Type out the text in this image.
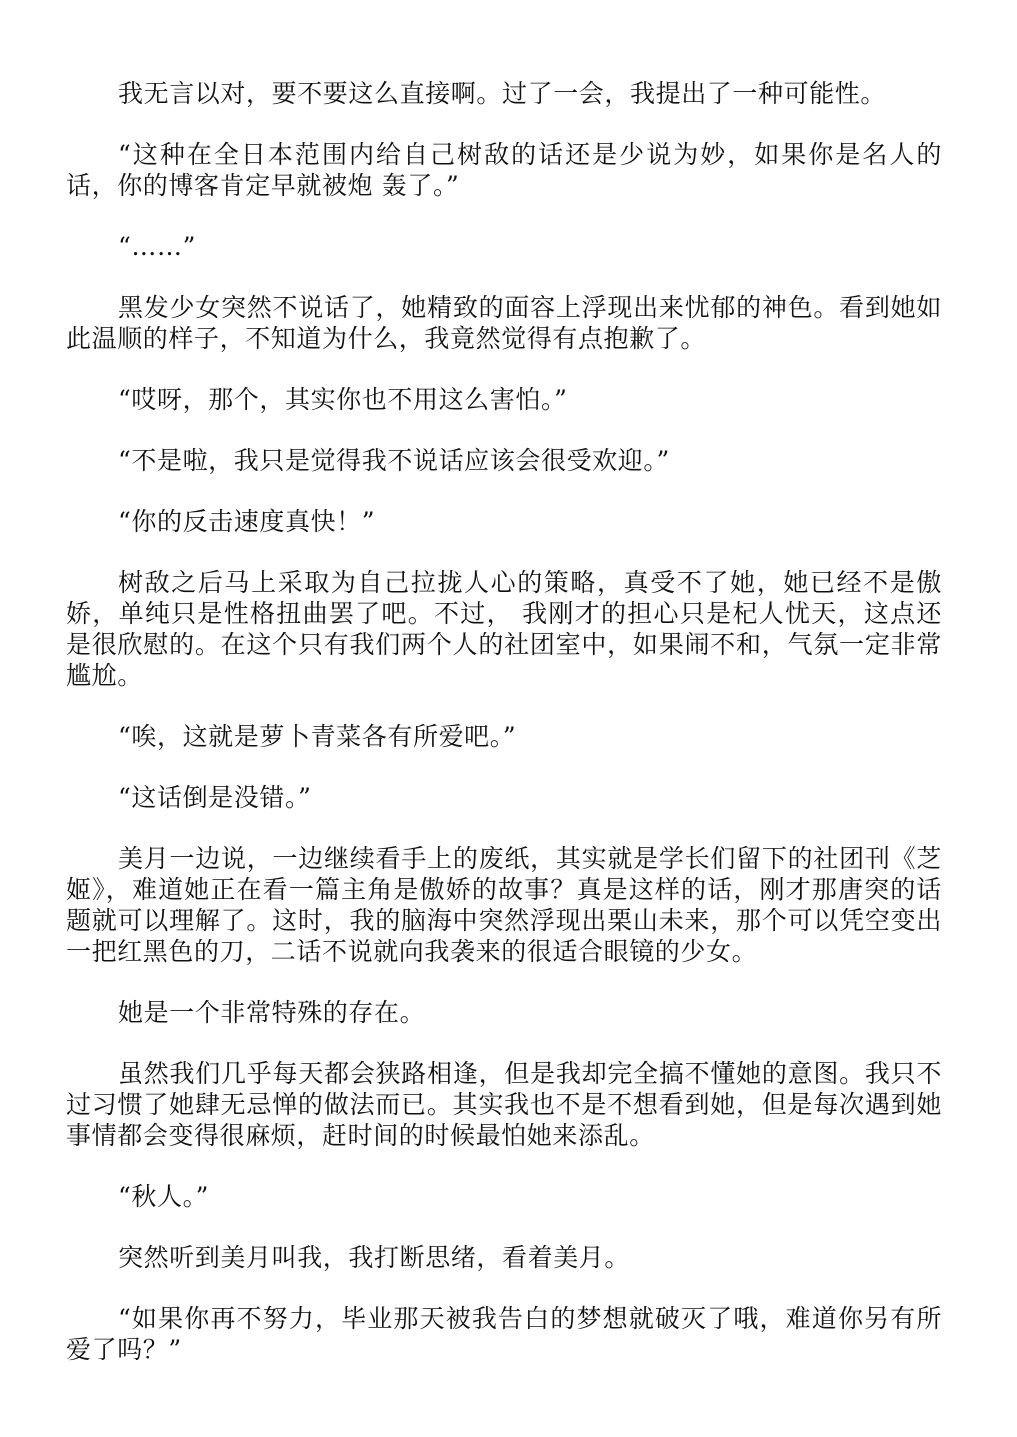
我无言以对，要不要这么直接啊。过了一会，我提出了一种可能性。

“这种在全日本范围内给自己树敌的话还是少说为妙，如果你是名人的话，你的博客肯定早就被炮 轰了。”

“……”

黑发少女突然不说话了，她精致的面容上浮现出来忧郁的神色。看到她如此温顺的样子，不知道为什么，我竟然觉得有点抱歉了。

“哎呀，那个，其实你也不用这么害怕。”

“不是啦，我只是觉得我不说话应该会很受欢迎。”

“你的反击速度真快！”

树敌之后马上采取为自己拉拢人心的策略，真受不了她，她已经不是傲娇，单纯只是性格扭曲罢了吧。不过， 我刚才的担心只是杞人忧天，这点还是很欣慰的。在这个只有我们两个人的社团室中，如果闹不和，气氛一定非常尴尬。

“唉，这就是萝卜青菜各有所爱吧。”

“这话倒是没错。”

美月一边说，一边继续看手上的废纸，其实就是学长们留下的社团刊《芝姬》，难道她正在看一篇主角是傲娇的故事？真是这样的话，刚才那唐突的话题就可以理解了。这时，我的脑海中突然浮现出栗山未来，那个可以凭空变出一把红黑色的刀，二话不说就向我袭来的很适合眼镜的少女。

她是一个非常特殊的存在。

虽然我们几乎每天都会狭路相逢，但是我却完全搞不懂她的意图。我只不过习惯了她肆无忌惮的做法而已。其实我也不是不想看到她，但是每次遇到她事情都会变得很麻烦，赶时间的时候最怕她来添乱。

“秋人。”

突然听到美月叫我，我打断思绪，看着美月。

“如果你再不努力，毕业那天被我告白的梦想就破灭了哦，难道你另有所爱了吗？”
